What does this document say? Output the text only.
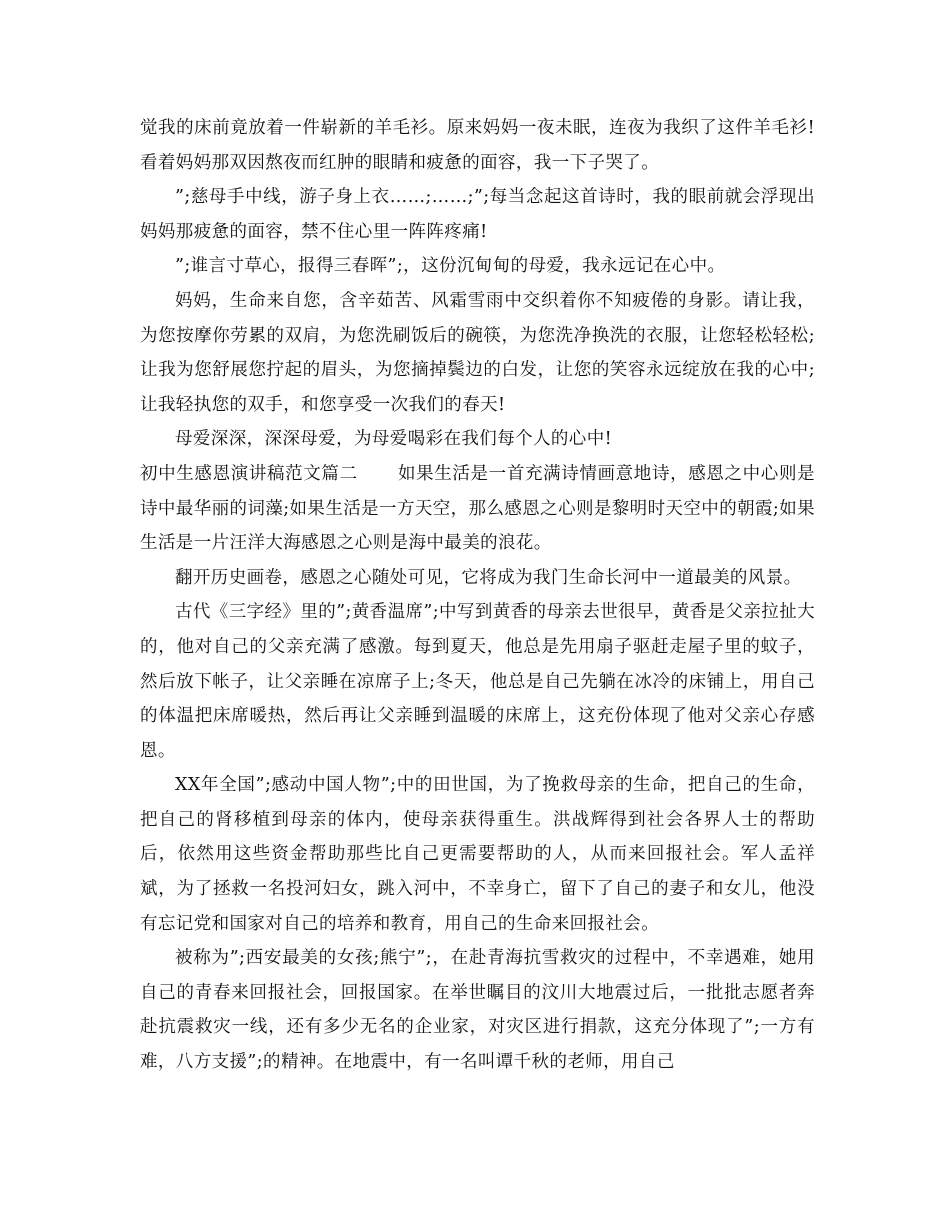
觉我的床前竟放着一件崭新的羊毛衫。原来妈妈一夜未眠，连夜为我织了这件羊毛衫!看着妈妈那双因熬夜而红肿的眼睛和疲惫的面容，我一下子哭了。

”;慈母手中线，游子身上衣……;……;”;每当念起这首诗时，我的眼前就会浮现出妈妈那疲惫的面容，禁不住心里一阵阵疼痛!

”;谁言寸草心，报得三春晖”;，这份沉甸甸的母爱，我永远记在心中。

妈妈，生命来自您，含辛茹苦、风霜雪雨中交织着你不知疲倦的身影。请让我，为您按摩你劳累的双肩，为您洗刷饭后的碗筷，为您洗净换洗的衣服，让您轻松轻松;让我为您舒展您拧起的眉头，为您摘掉鬓边的白发，让您的笑容永远绽放在我的心中;让我轻执您的双手，和您享受一次我们的春天!

母爱深深，深深母爱，为母爱喝彩在我们每个人的心中!

初中生感恩演讲稿范文篇二 如果生活是一首充满诗情画意地诗，感恩之中心则是诗中最华丽的词藻;如果生活是一方天空，那么感恩之心则是黎明时天空中的朝霞;如果生活是一片汪洋大海感恩之心则是海中最美的浪花。

翻开历史画卷，感恩之心随处可见，它将成为我门生命长河中一道最美的风景。

古代《三字经》里的”;黄香温席”;中写到黄香的母亲去世很早，黄香是父亲拉扯大的，他对自己的父亲充满了感激。每到夏天，他总是先用扇子驱赶走屋子里的蚊子，然后放下帐子，让父亲睡在凉席子上;冬天，他总是自己先躺在冰冷的床铺上，用自己的体温把床席暖热，然后再让父亲睡到温暖的床席上，这充份体现了他对父亲心存感恩。

XX年全国”;感动中国人物”;中的田世国，为了挽救母亲的生命，把自己的生命，把自己的肾移植到母亲的体内，使母亲获得重生。洪战辉得到社会各界人士的帮助后，依然用这些资金帮助那些比自己更需要帮助的人，从而来回报社会。军人孟祥斌，为了拯救一名投河妇女，跳入河中，不幸身亡，留下了自己的妻子和女儿，他没有忘记党和国家对自己的培养和教育，用自己的生命来回报社会。

被称为”;西安最美的女孩;熊宁”;，在赴青海抗雪救灾的过程中，不幸遇难，她用自己的青春来回报社会，回报国家。在举世瞩目的汶川大地震过后，一批批志愿者奔赴抗震救灾一线，还有多少无名的企业家，对灾区进行捐款，这充分体现了”;一方有难，八方支援”;的精神。在地震中，有一名叫谭千秋的老师，用自己
